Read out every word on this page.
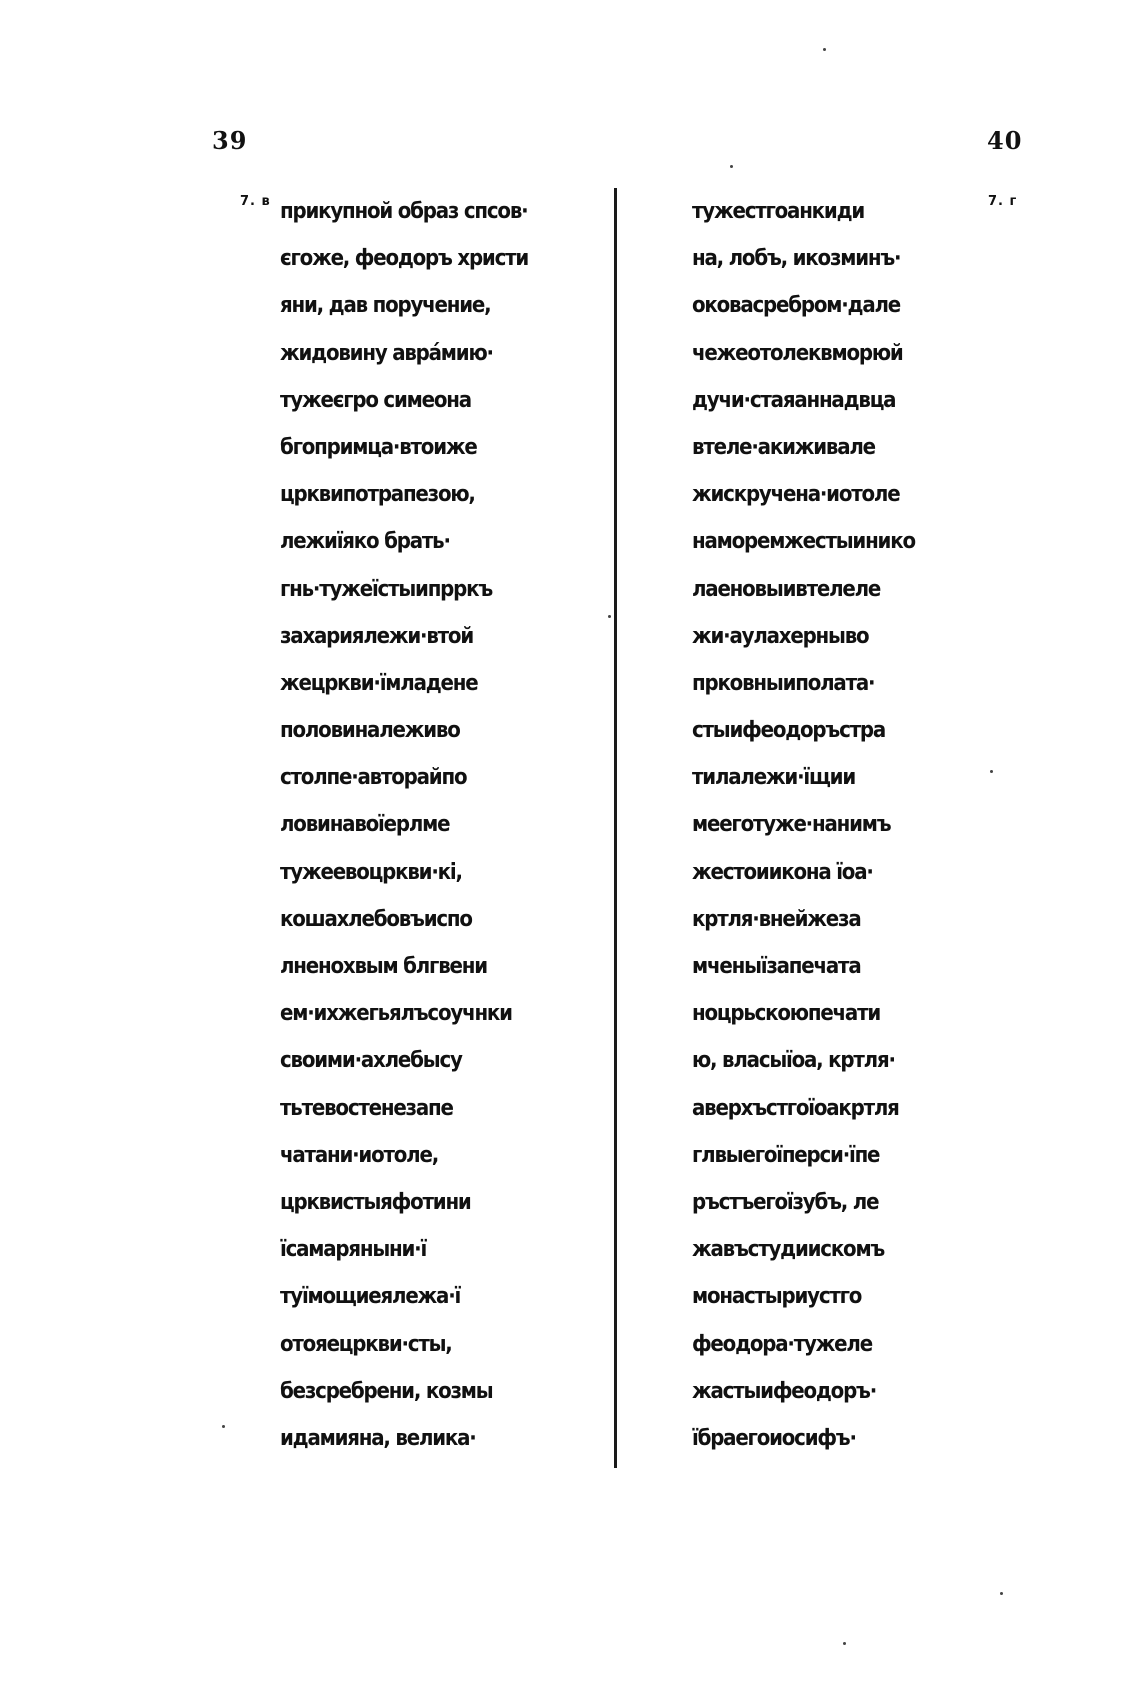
39	40
7. в	7. г
прикупной образ спсов·
єгоже, феодоръ христи
яни, дав поручение,
жидовину авра́мию·
тужеєгро симеона
бгопримца·втоиже
црквипотрапезою,
лежиїяко брать·
гнь·тужеїстыипрркъ
захариялежи·втой
жецркви·їмладене
половиналеживо
столпе·авторайпо
ловинавоїерлме
тужеевоцркви·кі,
кошахлебовъиспо
лненохвым блгвени
ем·ихжегьялъсоучнки
своими·ахлебысу
тьтевостенезапе
чатани·иотоле,
црквистыяфотини
їсамаряныни·ї
туїмощиеялежа·ї
отояецркви·сты,
безсребрени, козмы
идамияна, велика·
тужестгоанкиди
на, лобъ, икозминъ·
оковасребром·дале
чежеотолеквморюй
дучи·стаяаннадвца
втеле·акиживале
жискручена·иотоле
наморемжестыинико
лаеновыивтелеле
жи·аулахерныво
прковныиполата·
стыифеодоръстра
тилалежи·їщии
мееготуже·нанимъ
жестоиикона їоа·
кртля·внейжеза
мченыїзапечата
ноцрьскоюпечати
ю, власыїоа, кртля·
аверхъстгоїоакртля
глвыегоїперси·їпе
ръстъегоїзубъ, ле
жавъстудиискомъ
монастыриустго
феодора·тужеле
жастыифеодоръ·
їбраегоиосифъ·
